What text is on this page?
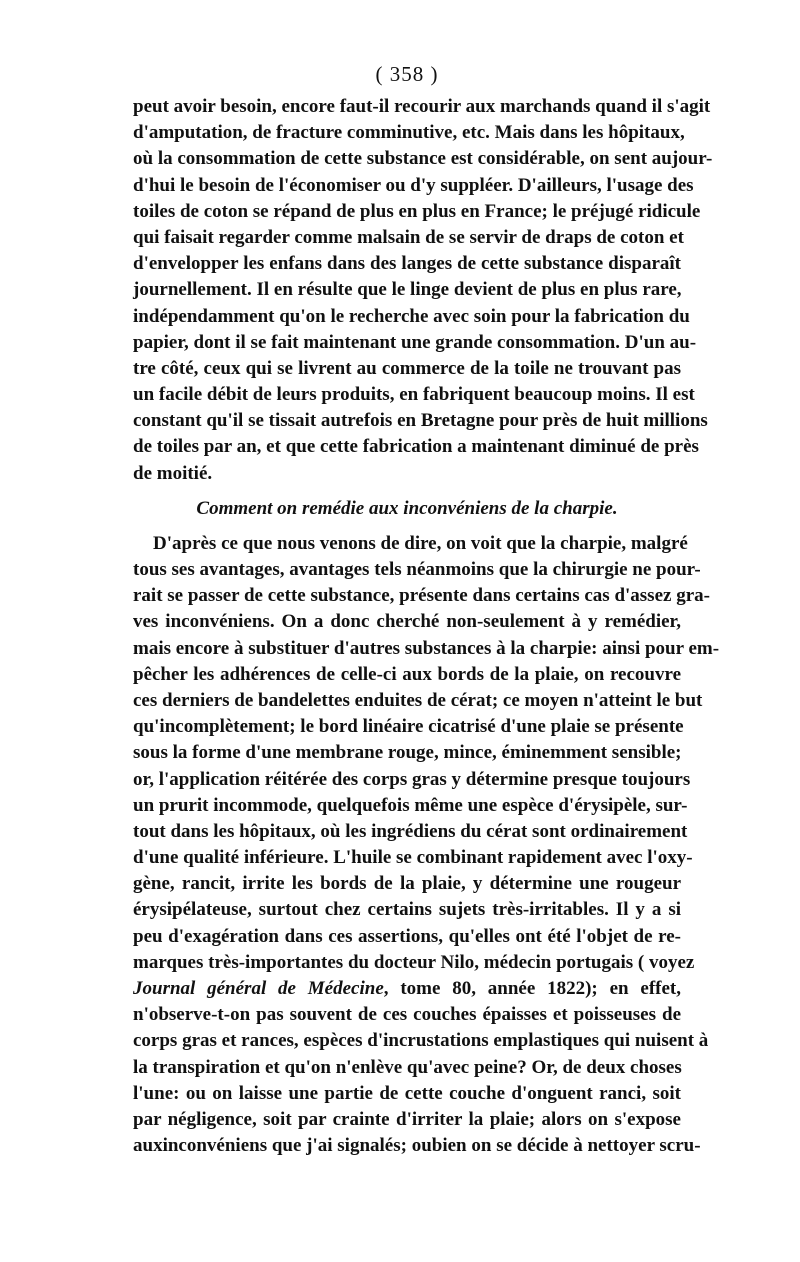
( 358 )
peut avoir besoin, encore faut-il recourir aux marchands quand il s'agit
d'amputation, de fracture comminutive, etc. Mais dans les hôpitaux,
où la consommation de cette substance est considérable, on sent aujour-
d'hui le besoin de l'économiser ou d'y suppléer. D'ailleurs, l'usage des
toiles de coton se répand de plus en plus en France; le préjugé ridicule
qui faisait regarder comme malsain de se servir de draps de coton et
d'envelopper les enfans dans des langes de cette substance disparaît
journellement. Il en résulte que le linge devient de plus en plus rare,
indépendamment qu'on le recherche avec soin pour la fabrication du
papier, dont il se fait maintenant une grande consommation. D'un au-
tre côté, ceux qui se livrent au commerce de la toile ne trouvant pas
un facile débit de leurs produits, en fabriquent beaucoup moins. Il est
constant qu'il se tissait autrefois en Bretagne pour près de huit millions
de toiles par an, et que cette fabrication a maintenant diminué de près
de moitié.
Comment on remédie aux inconvéniens de la charpie.
D'après ce que nous venons de dire, on voit que la charpie, malgré
tous ses avantages, avantages tels néanmoins que la chirurgie ne pour-
rait se passer de cette substance, présente dans certains cas d'assez gra-
ves inconvéniens. On a donc cherché non-seulement à y remédier,
mais encore à substituer d'autres substances à la charpie: ainsi pour em-
pêcher les adhérences de celle-ci aux bords de la plaie, on recouvre
ces derniers de bandelettes enduites de cérat; ce moyen n'atteint le but
qu'incomplètement; le bord linéaire cicatrisé d'une plaie se présente
sous la forme d'une membrane rouge, mince, éminemment sensible;
or, l'application réitérée des corps gras y détermine presque toujours
un prurit incommode, quelquefois même une espèce d'érysipèle, sur-
tout dans les hôpitaux, où les ingrédiens du cérat sont ordinairement
d'une qualité inférieure. L'huile se combinant rapidement avec l'oxy-
gène, rancit, irrite les bords de la plaie, y détermine une rougeur
érysipélateuse, surtout chez certains sujets très-irritables. Il y a si
peu d'exagération dans ces assertions, qu'elles ont été l'objet de re-
marques très-importantes du docteur Nilo, médecin portugais ( voyez
Journal général de Médecine, tome 80, année 1822); en effet,
n'observe-t-on pas souvent de ces couches épaisses et poisseuses de
corps gras et rances, espèces d'incrustations emplastiques qui nuisent à
la transpiration et qu'on n'enlève qu'avec peine? Or, de deux choses
l'une: ou on laisse une partie de cette couche d'onguent ranci, soit
par négligence, soit par crainte d'irriter la plaie; alors on s'expose
auxinconvéniens que j'ai signalés; oubien on se décide à nettoyer scru-
